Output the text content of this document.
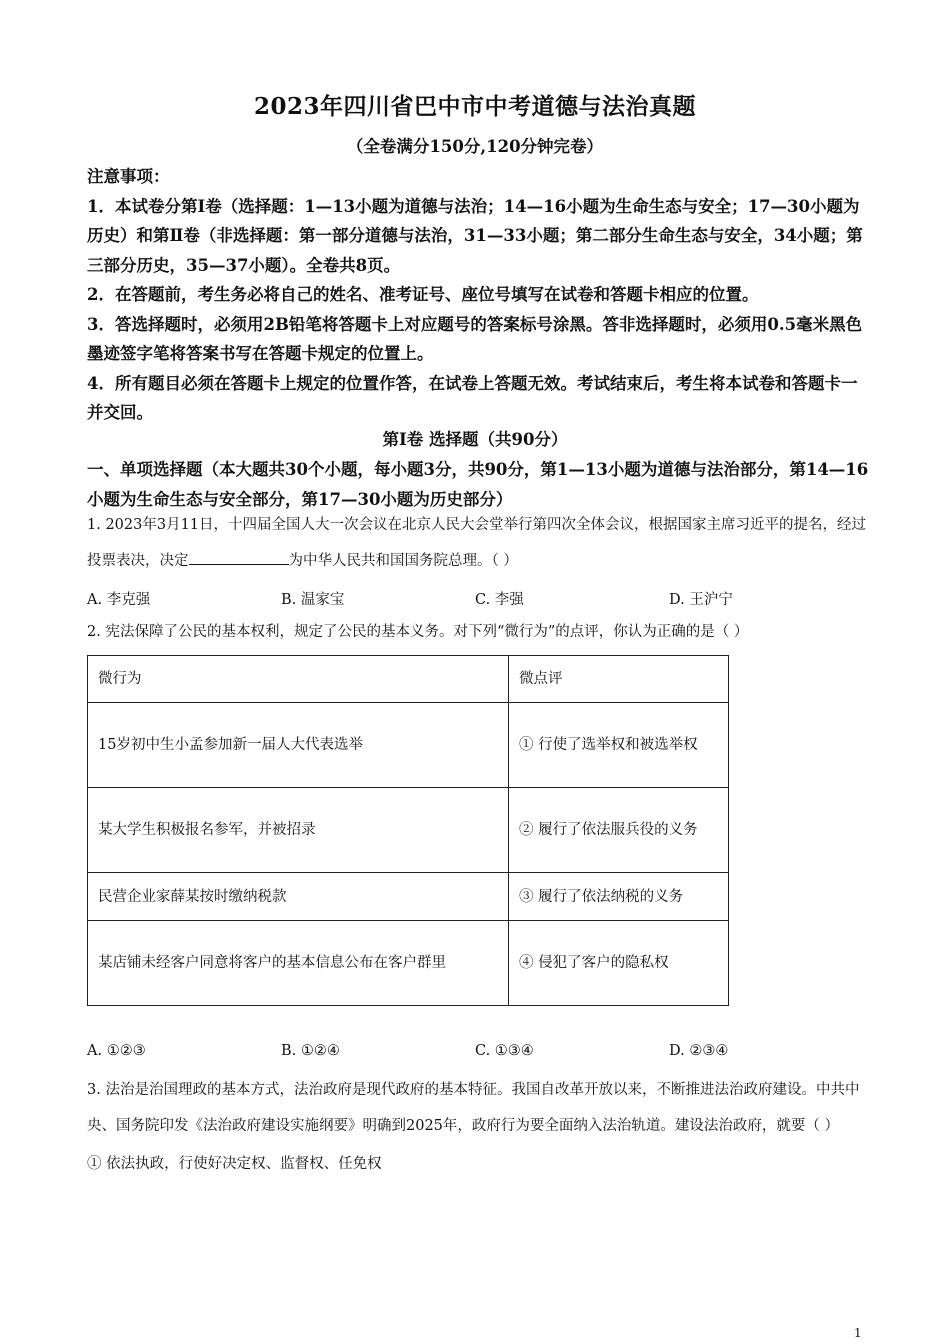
2023年四川省巴中市中考道德与法治真题
（全卷满分150分,120分钟完卷）

注意事项：

1．本试卷分第Ⅰ卷（选择题：1—13小题为道德与法治；14—16小题为生命生态与安全；17—30小题为历史）和第Ⅱ卷（非选择题：第一部分道德与法治，31—33小题；第二部分生命生态与安全，34小题；第三部分历史，35—37小题）。全卷共8页。

2．在答题前，考生务必将自己的姓名、准考证号、座位号填写在试卷和答题卡相应的位置。

3．答选择题时，必须用2B铅笔将答题卡上对应题号的答案标号涂黑。答非选择题时，必须用0.5毫米黑色墨迹签字笔将答案书写在答题卡规定的位置上。

4．所有题目必须在答题卡上规定的位置作答，在试卷上答题无效。考试结束后，考生将本试卷和答题卡一并交回。

第Ⅰ卷 选择题（共90分）
一、单项选择题（本大题共30个小题，每小题3分，共90分，第1—13小题为道德与法治部分，第14—16小题为生命生态与安全部分，第17—30小题为历史部分）

1. 2023年3月11日，十四届全国人大一次会议在北京人民大会堂举行第四次全体会议，根据国家主席习近平的提名，经过投票表决，决定	为中华人民共和国国务院总理。（ ）

A. 李克强	B. 温家宝	C. 李强	D. 王沪宁

2. 宪法保障了公民的基本权利，规定了公民的基本义务。对下列“微行为”的点评，你认为正确的是（ ）

微行为	微点评
15岁初中生小孟参加新一届人大代表选举	① 行使了选举权和被选举权
某大学生积极报名参军，并被招录	② 履行了依法服兵役的义务
民营企业家薛某按时缴纳税款	③ 履行了依法纳税的义务
某店铺未经客户同意将客户的基本信息公布在客户群里	④ 侵犯了客户的隐私权
A. ①②③	B. ①②④	C. ①③④	D. ②③④

3. 法治是治国理政的基本方式，法治政府是现代政府的基本特征。我国自改革开放以来，不断推进法治政府建设。中共中央、国务院印发《法治政府建设实施纲要》明确到2025年，政府行为要全面纳入法治轨道。建设法治政府，就要（ ）

① 依法执政，行使好决定权、监督权、任免权

1
